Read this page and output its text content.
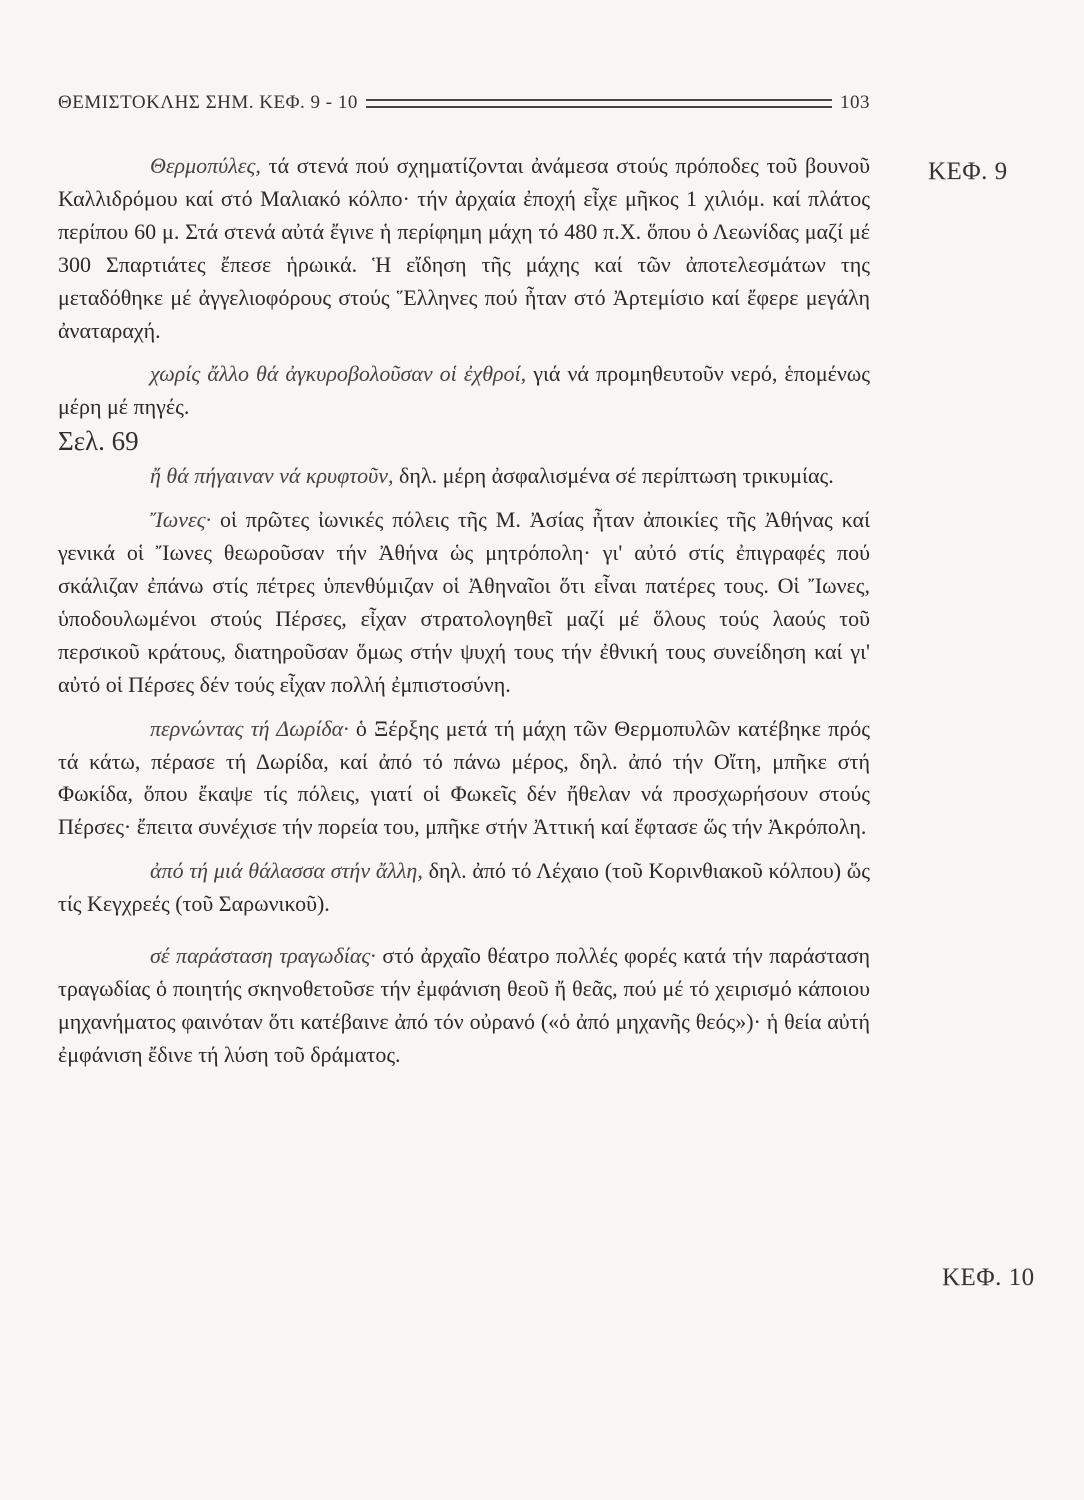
ΘΕΜΙΣΤΟΚΛΗΣ ΣΗΜ. ΚΕΦ. 9 - 10	103
ΚΕΦ. 9
ΚΕΦ. 10

Θερμοπύλες, τά στενά πού σχηματίζονται ἀνάμεσα στούς πρόποδες τοῦ βουνοῦ Καλλιδρόμου καί στό Μαλιακό κόλπο· τήν ἀρχαία ἐποχή εἶχε μῆκος 1 χιλιόμ. καί πλάτος περίπου 60 μ. Στά στενά αὐτά ἔγινε ἡ περίφημη μάχη τό 480 π.Χ. ὅπου ὁ Λεωνίδας μαζί μέ 300 Σπαρτιάτες ἔπεσε ἡρωικά. Ἡ εἴδηση τῆς μάχης καί τῶν ἀποτελεσμάτων της μεταδόθηκε μέ ἀγγελιοφόρους στούς Ἕλληνες πού ἦταν στό Ἀρτεμίσιο καί ἔφερε μεγάλη ἀναταραχή.

χωρίς ἄλλο θά ἀγκυροβολοῦσαν οἱ ἐχθροί, γιά νά προμηθευτοῦν νερό, ἑπομένως μέρη μέ πηγές.

Σελ. 69

ἤ θά πήγαιναν νά κρυφτοῦν, δηλ. μέρη ἀσφαλισμένα σέ περίπτωση τρικυμίας.

Ἴωνες· οἱ πρῶτες ἰωνικές πόλεις τῆς Μ. Ἀσίας ἦταν ἀποικίες τῆς Ἀθήνας καί γενικά οἱ Ἴωνες θεωροῦσαν τήν Ἀθήνα ὡς μητρόπολη· γι' αὐτό στίς ἐπιγραφές πού σκάλιζαν ἐπάνω στίς πέτρες ὑπενθύμιζαν οἱ Ἀθηναῖοι ὅτι εἶναι πατέρες τους. Οἱ Ἴωνες, ὑποδουλωμένοι στούς Πέρσες, εἶχαν στρατολογηθεῖ μαζί μέ ὅλους τούς λαούς τοῦ περσικοῦ κράτους, διατηροῦσαν ὅμως στήν ψυχή τους τήν ἐθνική τους συνείδηση καί γι' αὐτό οἱ Πέρσες δέν τούς εἶχαν πολλή ἐμπιστοσύνη.

περνώντας τή Δωρίδα· ὁ Ξέρξης μετά τή μάχη τῶν Θερμοπυλῶν κατέβηκε πρός τά κάτω, πέρασε τή Δωρίδα, καί ἀπό τό πάνω μέρος, δηλ. ἀπό τήν Οἴτη, μπῆκε στή Φωκίδα, ὅπου ἔκαψε τίς πόλεις, γιατί οἱ Φωκεῖς δέν ἤθελαν νά προσχωρήσουν στούς Πέρσες· ἔπειτα συνέχισε τήν πορεία του, μπῆκε στήν Ἀττική καί ἔφτασε ὥς τήν Ἀκρόπολη.

ἀπό τή μιά θάλασσα στήν ἄλλη, δηλ. ἀπό τό Λέχαιο (τοῦ Κορινθιακοῦ κόλπου) ὥς τίς Κεγχρεές (τοῦ Σαρωνικοῦ).

σέ παράσταση τραγωδίας· στό ἀρχαῖο θέατρο πολλές φορές κατά τήν παράσταση τραγωδίας ὁ ποιητής σκηνοθετοῦσε τήν ἐμφάνιση θεοῦ ἤ θεᾶς, πού μέ τό χειρισμό κάποιου μηχανήματος φαινόταν ὅτι κατέβαινε ἀπό τόν οὐρανό («ὁ ἀπό μηχανῆς θεός»)· ἡ θεία αὐτή ἐμφάνιση ἔδινε τή λύση τοῦ δράματος.
